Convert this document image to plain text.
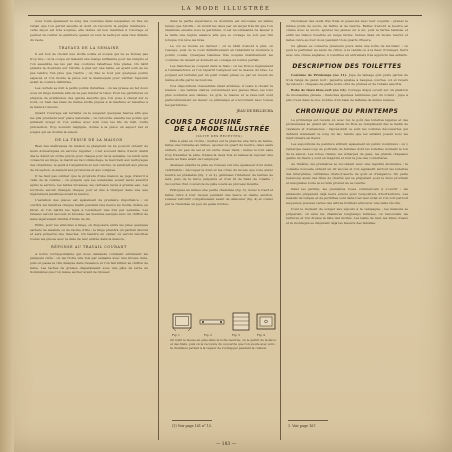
LA MODE ILLUSTRÉE

sous toute épaisseur le long des coutures dans lesquelles on fixe un ruban que l'on garnit ensuite et dont on recouvre la piqûre intérieure ; cette façon est très soignée, elle donne un bon maintien à l'ouvrage et permet de retirer la garniture quand on veut la nettoyer sans rien défaire du reste.

TRAVAUX DE LA SEMAINE

Il est bon de choisir une étoffe solide et souple qui ne se froisse pas trop vite ; on la coupe en laissant une marge suffisante pour les remplis et l'on assemble les lés par des coutures rabattues très plates. On bâtit ensuite la doublure sur l'étoffe, à plat sur une table, en ayant soin de ne pas tendre l'un plus que l'autre ; on fixe le tout par quelques points espacés et l'on monte la pièce sur le mannequin pour vérifier l'aplomb avant la couture définitive.

Les ourlets se font à petits points invisibles ; on les presse au fer doux sous un linge humide afin de ne pas lustrer le tissu. Pour les garnitures on emploie de préférence des galons assortis que l'on pose à cheval sur le bord, ou bien des biais de même étoffe piqués à la machine et rabattus à la main à l'envers.

Quand l'ouvrage est terminé on le suspend quelques heures afin que les plis prennent leur place naturelle ; on retouche ensuite les points qui auraient bougé et l'on enlève avec soin tous les fils de bâti. Cette précaution, trop souvent négligée, donne à la pièce un aspect net et soigné qui en double la valeur.

DE LA TENUE DE LA MAISON

Bien des maîtresses de maison se plaignent de ne pouvoir obtenir de leurs domestiques un service régulier ; c'est souvent faute d'avoir établi dès le début un ordre précis pour chaque jour de la semaine. Le lundi sera consacré au linge, le mardi au raccommodage, le mercredi aux nettoyages des chambres, le jeudi à l'argenterie et aux cuivres, le vendredi aux pièces de réception, le samedi aux provisions et aux comptes.

Il ne faut pas oublier que la propreté d'une maison se juge d'abord à celle de la cuisine ; on exigera que les ustensiles soient lavés aussitôt après le service, les tables brossées, les carreaux lavés à grande eau. Les torchons seront changés chaque jour et mis à tremper dans une eau légèrement javellisée avant la lessive.

L'aération des pièces est également de première importance ; on ouvrira les fenêtres chaque matin pendant une heure au moins, même en hiver, et l'on battra les tapis à l'extérieur une fois par semaine. Les rideaux seront secoués et brossés, les meubles essuyés avec un chiffon de laine légèrement imbibé d'huile de lin.

Enfin, pour les armoires à linge, on disposera entre les piles quelques sachets de lavande ou de racine d'iris ; le linge prendra un parfum discret et sera préservé des insectes. On tiendra un cahier où seront inscrites toutes les pièces avec la date de leur entrée dans la maison.

RÉPONSE AU TRAVAIL COURANT

A notre correspondante qui nous demande comment entretenir les parquets cirés : on les frotte une fois par semaine avec une brosse dure, puis on passe la cire délayée dans l'essence et l'on fait briller au chiffon de laine. Les taches de graisse disparaissent sous une pâte de terre de Sommières que l'on laisse sécher avant de brosser.

dans la partie supérieure, la doublure est découpée en même temps que l'étoffe ; on réunit les deux par un surjet très fin que l'on dissimule ensuite sous la garniture. Il est recommandé de laisser à la taille une légère aisance afin que le corsage ne soit pas tiré lorsque l'on lève les bras.

Le col se monte en dernier : on le bâtit d'abord à plat, on l'essaye, puis on le coud définitivement en rabattant la doublure à points coulés. Quelques baleines très souples maintiennent les coutures du devant et donnent au corsage un tombé parfait.

Les manches se coupent dans le biais ; on les fronce légèrement à l'emmanchure et l'on répartit l'ampleur sur le dessus du bras. Le poignet est terminé par un petit volant plissé ou par un revers de même étoffe garni de boutons.

Nos dispositions d'ensemble étant arrêtées, il reste à choisir la nuance ; les teintes claires conviennent aux jeunes filles, les tons plus soutenus aux dames. Le gris, le mauve et le bleu-vert sont particulièrement en faveur ce printemps et s'accordent avec toutes les garnitures.

JEAN DE BELLECHA
COURS DE CUISINE
DE LA MODE ILLUSTRÉE
(SUITE DES RECETTES)

Pâte à pâté en croûte : mettez sur la planche une livre de farine, faites une fontaine au milieu, ajoutez un quart de beurre, deux œufs entiers, un peu de sel et un verre d'eau tiède ; mêlez le tout sans trop travailler la pâte, fraisez-la deux fois et laissez-la reposer une heure au frais avant de l'employer.

Abaissez ensuite la pâte au rouleau sur une épaisseur d'un demi-centimètre ; découpez le fond et les côtés du moule que vous aurez beurré au préalable (fig. 1 et 2), garnissez l'intérieur de bardes de lard, puis de la farce préparée et d'un lit de filets de volaille ; recouvrez d'un couvercle de pâte soudé au pinceau mouillé.

Pratiquez au milieu une petite cheminée (fig. 3), dorez à l'œuf et faites cuire à four moyen pendant une heure et demie environ. Laissez refroidir complètement avant de démouler (fig. 4) et coulez par la cheminée un peu de gelée fondue.

Fig. 1	Fig. 2	Fig. 3	Fig. 4
On bâtit le moule en pâte dans la boîte beurrée, on le garnit de la farce et des filets, puis on le recouvre du couvercle que l'on soude avec soin ; la cheminée permet à la vapeur de s'échapper pendant la cuisson.

Choisissez des œufs très frais et pesez-les avec leur coquille ; prenez le même poids de sucre, de farine et de beurre. Battez d'abord le beurre en crème avec le sucre, ajoutez les jaunes un à un, puis la farine tamisée et enfin les blancs fouettés en neige ferme. Versez dans un moule beurré et faites cuire au four doux pendant trois quarts d'heure.

Ce gâteau se conserve plusieurs jours dans une boîte de fer-blanc ; on peut le parfumer au zeste de citron, à la vanille ou à la fleur d'oranger. Servi avec une crème anglaise, il constitue un entremets très apprécié des enfants.

DESCRIPTION DES TOILETTES

Costume de Printemps (no 11). Jupe de lainage gris perle garnie de trois rangs de galon noir ; jaquette ajustée à basques courtes, col et revers de velours ; chapeau de paille noire orné de plumes et de rubans assortis.

Robe de tissu bleu-vert (no 12). Corsage drapé ouvert sur un plastron de mousseline plissée ; manches ajustées terminées par un volant ; jupe à plis creux dans le dos, bordée d'un biais de taffetas de même nuance.

CHRONIQUE DU PRINTEMPS

Le printemps est revenu et, avec lui, le goût des toilettes légères et des promenades au grand air. Les allées du Bois se remplissent dès le matin de cavaliers et d'amazones ; l'après-midi ce sont les voitures découvertes qui défilent lentement le long du lac, tandis que les enfants jouent sous les marronniers en fleurs.

Les expositions de peinture attirent également un public nombreux ; on y remarque beaucoup de portraits de femmes dont les toilettes donnent le ton de la saison. Les robes claires, les écharpes de gaze, les grands chapeaux garnis de fleurs y sont en majorité et font la joie des couturières.

Au théâtre, les premières se succèdent avec une rapidité étonnante ; la comédie nouvelle obtient un vif succès et l'on applaudit surtout les toilettes des interprètes, véritables chefs-d'œuvre de goût et d'élégance. On parle beaucoup aussi des fêtes de charité qui se préparent pour le mois prochain et auxquelles toute la société promet de se rendre.

Dans les jardins, les premières roses commencent à s'ouvrir ; les amateurs préparent déjà leurs envois pour l'exposition d'horticulture. Les massifs de tulipes et de jacinthes sont dans tout leur éclat et l'on voit partout les jeunes pousses vertes des arbres fruitiers annoncer une belle récolte.

C'est le moment de songer aux séjours à la campagne ; les maisons se préparent, on aère les chambres longtemps fermées, on renouvelle les tentures et l'on dresse la liste des invités. Les bains de mer, les villes d'eaux et la montagne se disputent déjà les faveurs des familles.

(1) Voir page 161 n° 15.	1. Voir page 167.
— 183 —
